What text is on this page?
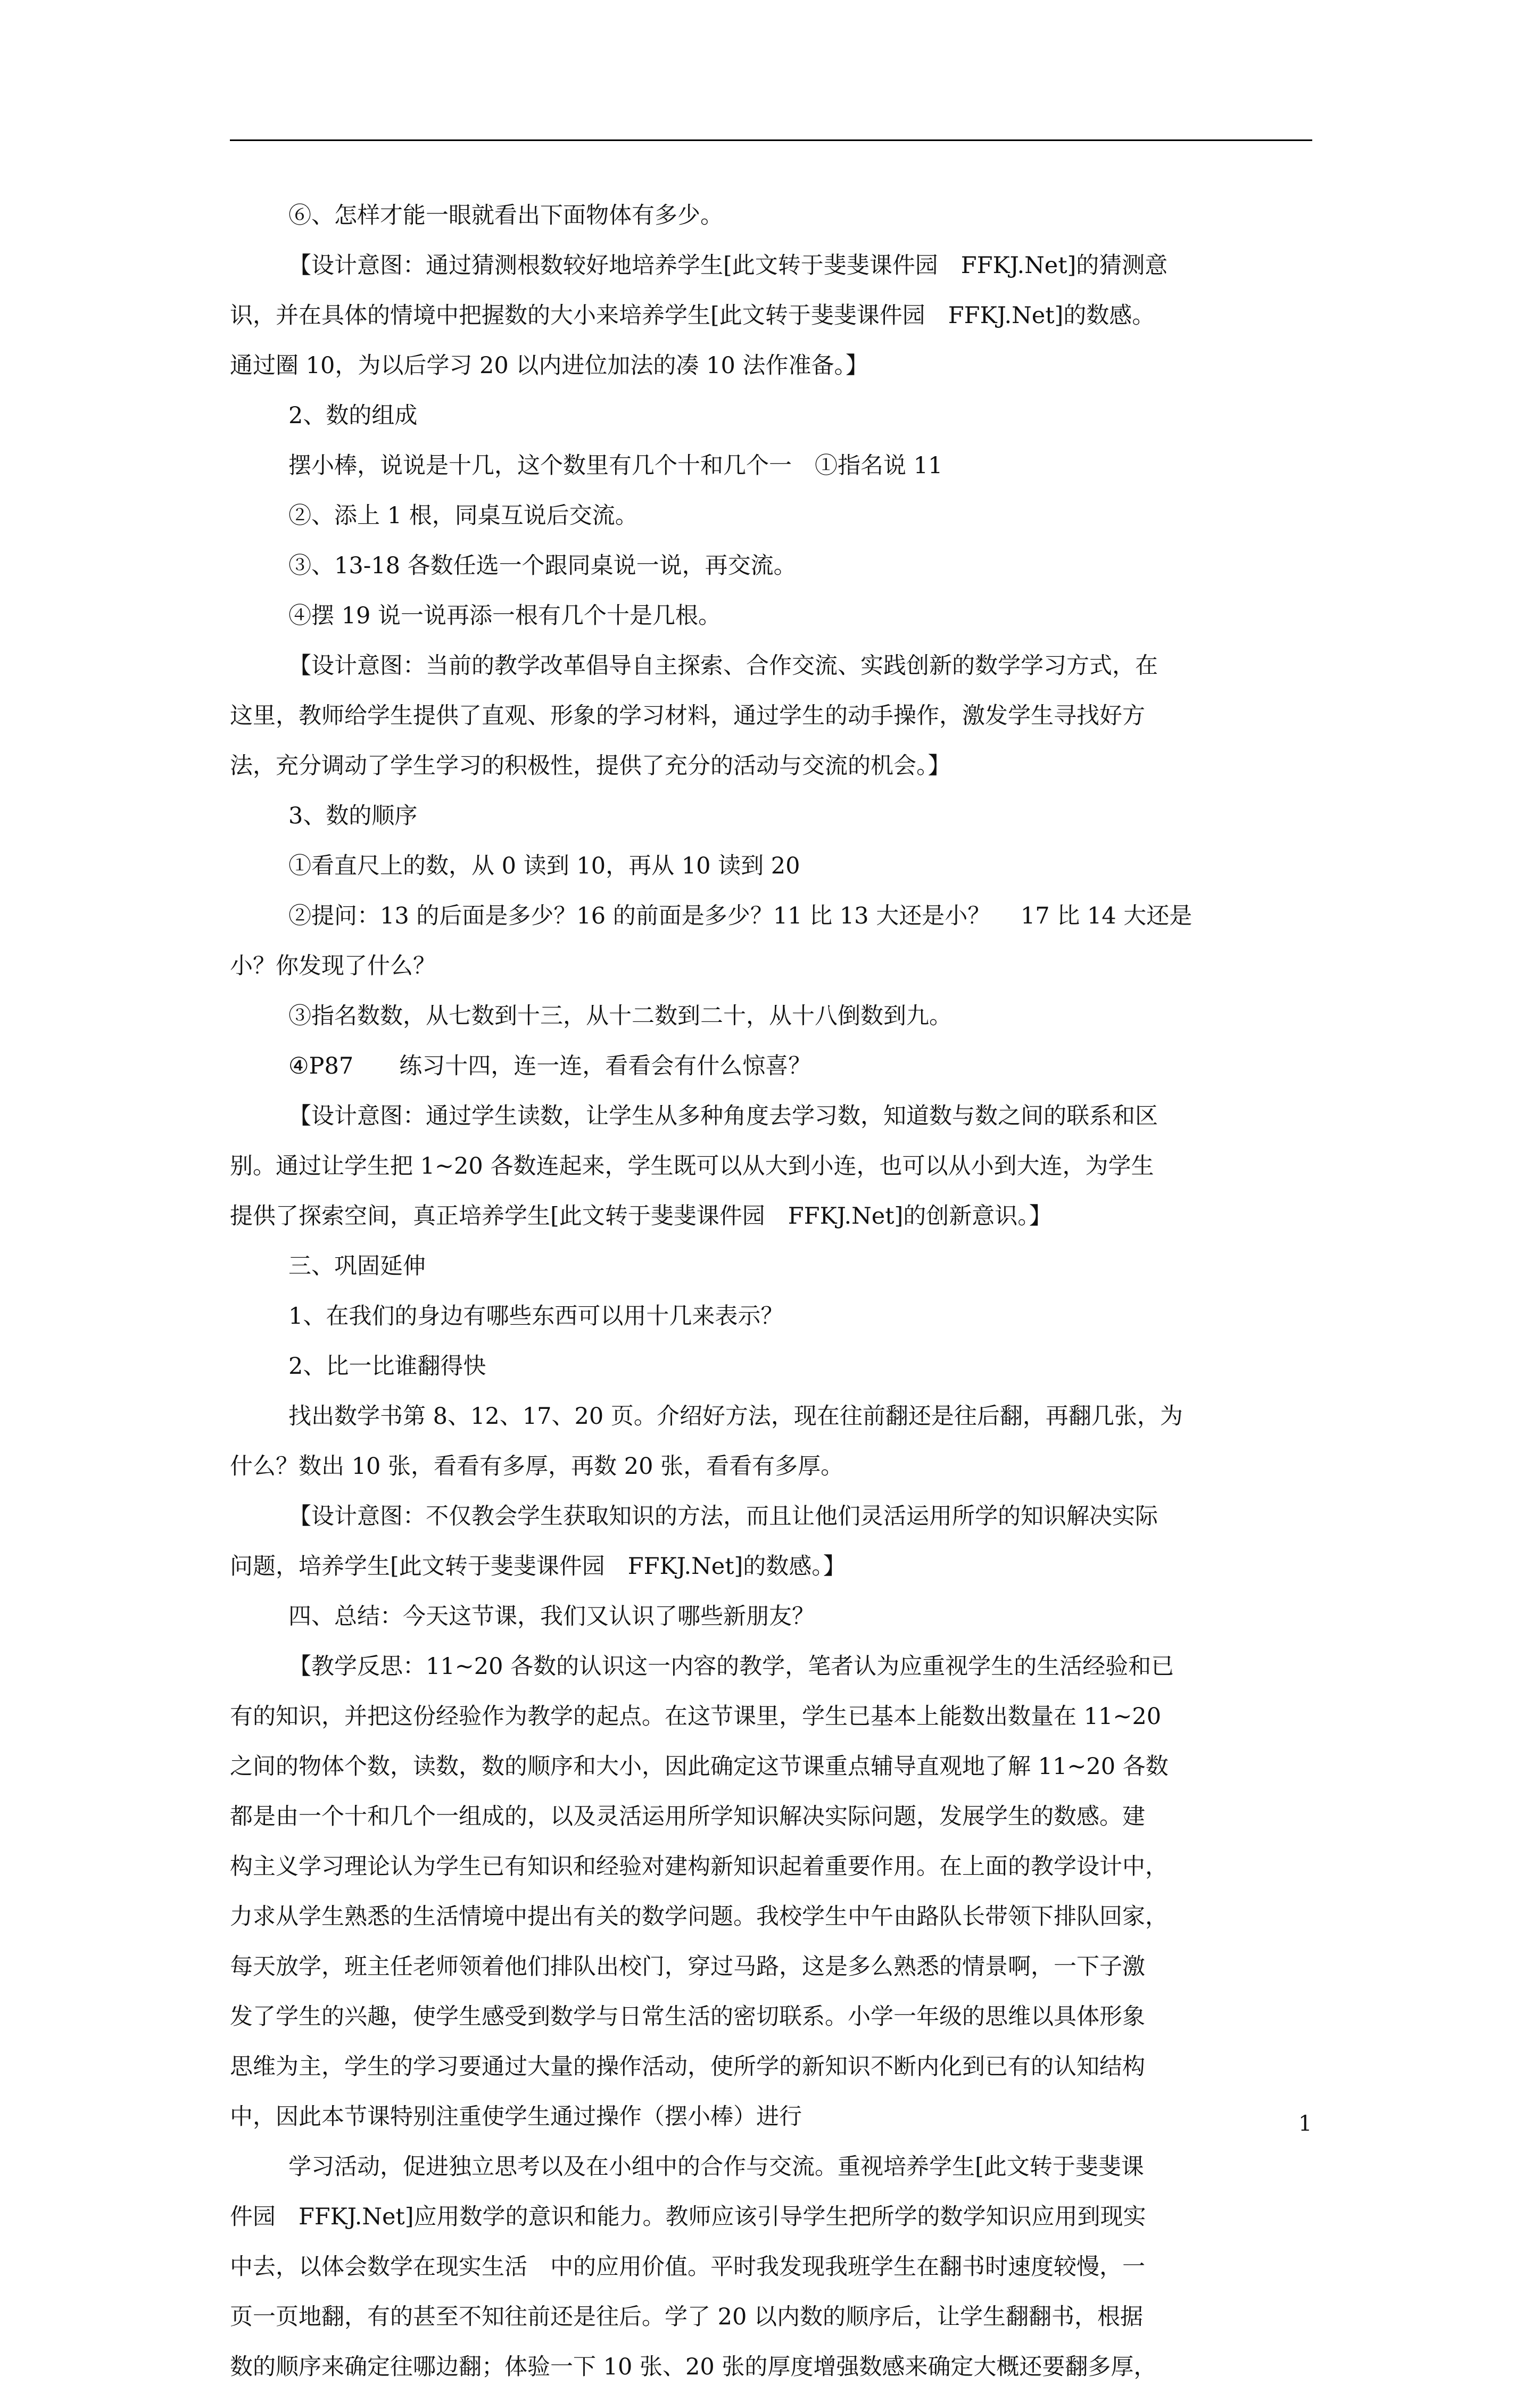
⑥、怎样才能一眼就看出下面物体有多少。
【设计意图：通过猜测根数较好地培养学生[此文转于斐斐课件园　FFKJ.Net]的猜测意
识，并在具体的情境中把握数的大小来培养学生[此文转于斐斐课件园　FFKJ.Net]的数感。
通过圈 10，为以后学习 20 以内进位加法的凑 10 法作准备。】
2、数的组成
摆小棒，说说是十几，这个数里有几个十和几个一　①指名说 11
②、添上 1 根，同桌互说后交流。
③、13-18 各数任选一个跟同桌说一说，再交流。
④摆 19 说一说再添一根有几个十是几根。
【设计意图：当前的教学改革倡导自主探索、合作交流、实践创新的数学学习方式，在
这里，教师给学生提供了直观、形象的学习材料，通过学生的动手操作，激发学生寻找好方
法，充分调动了学生学习的积极性，提供了充分的活动与交流的机会。】
3、数的顺序
①看直尺上的数，从 0 读到 10，再从 10 读到 20
②提问：13 的后面是多少？16 的前面是多少？11 比 13 大还是小？　 17 比 14 大还是
小？你发现了什么？
③指名数数，从七数到十三，从十二数到二十，从十八倒数到九。
④P87　　练习十四，连一连，看看会有什么惊喜？
【设计意图：通过学生读数，让学生从多种角度去学习数，知道数与数之间的联系和区
别。通过让学生把 1~20 各数连起来，学生既可以从大到小连，也可以从小到大连，为学生
提供了探索空间，真正培养学生[此文转于斐斐课件园　FFKJ.Net]的创新意识。】
三、巩固延伸
1、在我们的身边有哪些东西可以用十几来表示？
2、比一比谁翻得快
找出数学书第 8、12、17、20 页。介绍好方法，现在往前翻还是往后翻，再翻几张，为
什么？数出 10 张，看看有多厚，再数 20 张，看看有多厚。
【设计意图：不仅教会学生获取知识的方法，而且让他们灵活运用所学的知识解决实际
问题，培养学生[此文转于斐斐课件园　FFKJ.Net]的数感。】
四、总结：今天这节课，我们又认识了哪些新朋友？
【教学反思：11~20 各数的认识这一内容的教学，笔者认为应重视学生的生活经验和已
有的知识，并把这份经验作为教学的起点。在这节课里，学生已基本上能数出数量在 11~20
之间的物体个数，读数，数的顺序和大小，因此确定这节课重点辅导直观地了解 11~20 各数
都是由一个十和几个一组成的，以及灵活运用所学知识解决实际问题，发展学生的数感。建
构主义学习理论认为学生已有知识和经验对建构新知识起着重要作用。在上面的教学设计中，
力求从学生熟悉的生活情境中提出有关的数学问题。我校学生中午由路队长带领下排队回家，
每天放学，班主任老师领着他们排队出校门，穿过马路，这是多么熟悉的情景啊，一下子激
发了学生的兴趣，使学生感受到数学与日常生活的密切联系。小学一年级的思维以具体形象
思维为主，学生的学习要通过大量的操作活动，使所学的新知识不断内化到已有的认知结构
中，因此本节课特别注重使学生通过操作（摆小棒）进行
学习活动，促进独立思考以及在小组中的合作与交流。重视培养学生[此文转于斐斐课
件园　FFKJ.Net]应用数学的意识和能力。教师应该引导学生把所学的数学知识应用到现实
中去，以体会数学在现实生活　中的应用价值。平时我发现我班学生在翻书时速度较慢，一
页一页地翻，有的甚至不知往前还是往后。学了 20 以内数的顺序后，让学生翻翻书，根据
数的顺序来确定往哪边翻；体验一下 10 张、20 张的厚度增强数感来确定大概还要翻多厚，
1
